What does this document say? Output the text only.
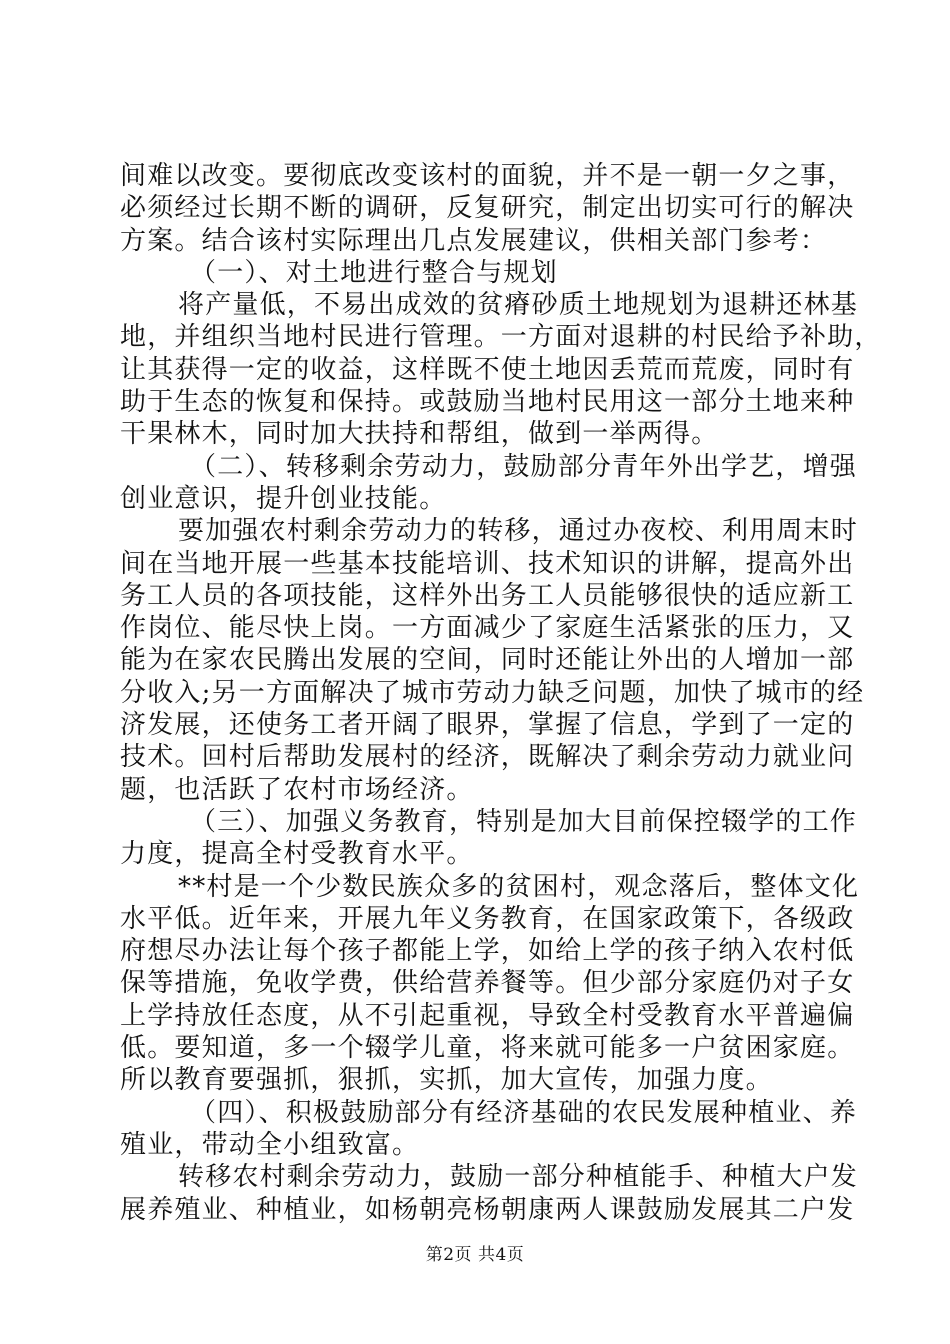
间难以改变。要彻底改变该村的面貌，并不是一朝一夕之事，
必须经过长期不断的调研，反复研究，制定出切实可行的解决
方案。结合该村实际理出几点发展建议，供相关部门参考：
（一）、对土地进行整合与规划
将产量低，不易出成效的贫瘠砂质土地规划为退耕还林基
地，并组织当地村民进行管理。一方面对退耕的村民给予补助，
让其获得一定的收益，这样既不使土地因丢荒而荒废，同时有
助于生态的恢复和保持。或鼓励当地村民用这一部分土地来种
干果林木，同时加大扶持和帮组，做到一举两得。
（二）、转移剩余劳动力，鼓励部分青年外出学艺，增强
创业意识，提升创业技能。
要加强农村剩余劳动力的转移，通过办夜校、利用周末时
间在当地开展一些基本技能培训、技术知识的讲解，提高外出
务工人员的各项技能，这样外出务工人员能够很快的适应新工
作岗位、能尽快上岗。一方面减少了家庭生活紧张的压力，又
能为在家农民腾出发展的空间，同时还能让外出的人增加一部
分收入;另一方面解决了城市劳动力缺乏问题，加快了城市的经
济发展，还使务工者开阔了眼界，掌握了信息，学到了一定的
技术。回村后帮助发展村的经济，既解决了剩余劳动力就业问
题，也活跃了农村市场经济。
（三）、加强义务教育，特别是加大目前保控辍学的工作
力度，提高全村受教育水平。
**村是一个少数民族众多的贫困村，观念落后，整体文化
水平低。近年来，开展九年义务教育，在国家政策下，各级政
府想尽办法让每个孩子都能上学，如给上学的孩子纳入农村低
保等措施，免收学费，供给营养餐等。但少部分家庭仍对子女
上学持放任态度，从不引起重视，导致全村受教育水平普遍偏
低。要知道，多一个辍学儿童，将来就可能多一户贫困家庭。
所以教育要强抓，狠抓，实抓，加大宣传，加强力度。
（四）、积极鼓励部分有经济基础的农民发展种植业、养
殖业，带动全小组致富。
转移农村剩余劳动力，鼓励一部分种植能手、种植大户发
展养殖业、种植业，如杨朝亮杨朝康两人课鼓励发展其二户发
第2页 共4页
